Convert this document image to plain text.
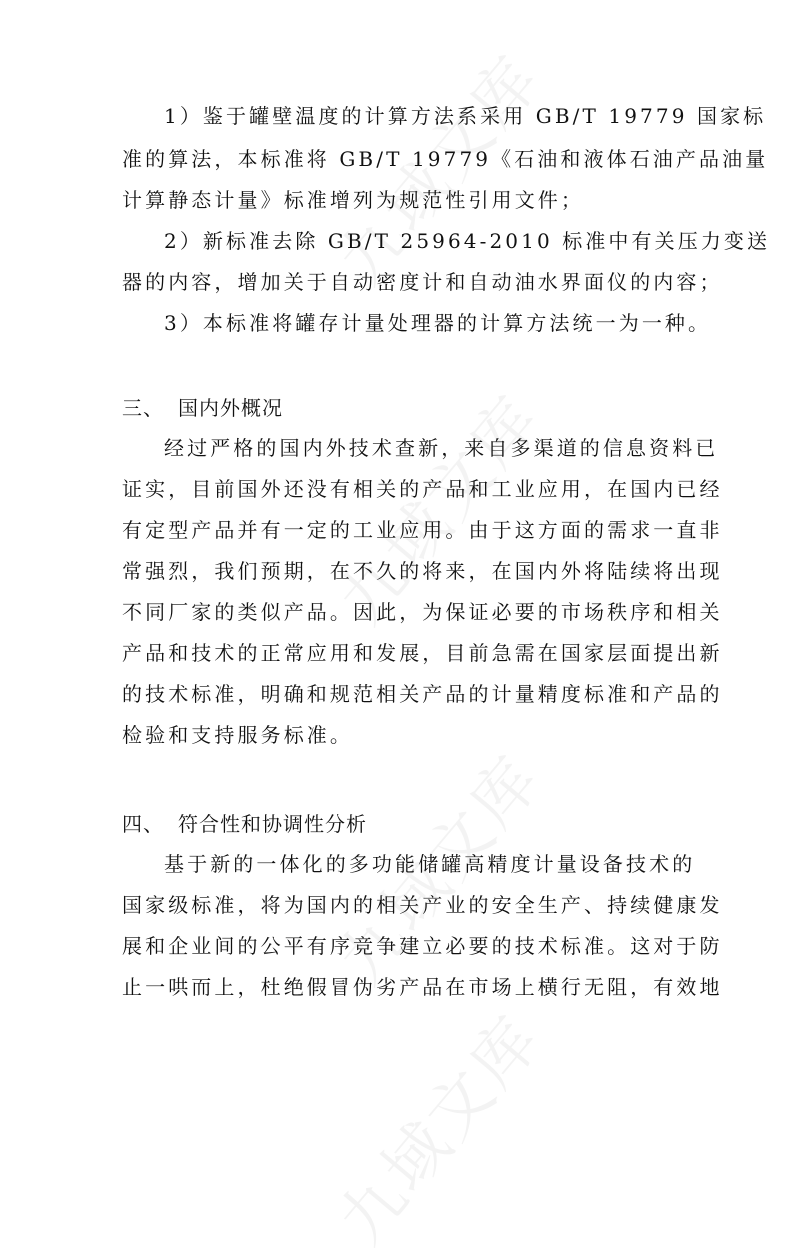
1）鉴于罐壁温度的计算方法系采用 GB/T 19779 国家标
准的算法，本标准将 GB/T 19779《石油和液体石油产品油量
计算静态计量》标准增列为规范性引用文件；
2）新标准去除 GB/T 25964-2010 标准中有关压力变送
器的内容，增加关于自动密度计和自动油水界面仪的内容；
3）本标准将罐存计量处理器的计算方法统一为一种。
三、 国内外概况
经过严格的国内外技术查新，来自多渠道的信息资料已
证实，目前国外还没有相关的产品和工业应用，在国内已经
有定型产品并有一定的工业应用。由于这方面的需求一直非
常强烈，我们预期，在不久的将来，在国内外将陆续将出现
不同厂家的类似产品。因此，为保证必要的市场秩序和相关
产品和技术的正常应用和发展，目前急需在国家层面提出新
的技术标准，明确和规范相关产品的计量精度标准和产品的
检验和支持服务标准。
四、 符合性和协调性分析
基于新的一体化的多功能储罐高精度计量设备技术的
国家级标准，将为国内的相关产业的安全生产、持续健康发
展和企业间的公平有序竞争建立必要的技术标准。这对于防
止一哄而上，杜绝假冒伪劣产品在市场上横行无阻，有效地
